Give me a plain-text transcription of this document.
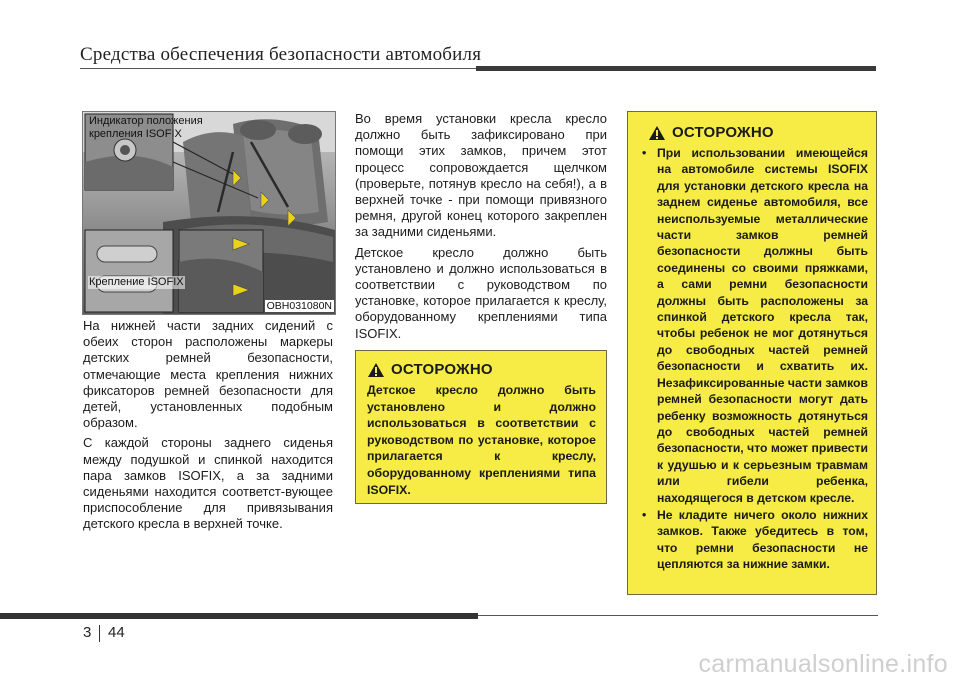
Средства обеспечения безопасности автомобиля
Индикатор положения крепления ISOFIX
Крепление ISOFIX
OBH031080N

На нижней части задних сидений с обеих сторон расположены маркеры детских ремней безопасности, отмечающие места крепления нижних фиксаторов ремней безопасности для детей, установленных подобным образом.

С каждой стороны заднего сиденья между подушкой и спинкой находится пара замков ISOFIX, а за задними сиденьями находится соответст-вующее приспособление для привязывания детского кресла в верхней точке.

Во время установки кресла кресло должно быть зафиксировано при помощи этих замков, причем этот процесс сопровождается щелчком (проверьте, потянув кресло на себя!), а в верхней точке - при помощи привязного ремня, другой конец которого закреплен за задними сиденьями.

Детское кресло должно быть установлено и должно использоваться в соответствии с руководством по установке, которое прилагается к креслу, оборудованному креплениями типа ISOFIX.

ОСТОРОЖНО
Детское кресло должно быть установлено и должно использоваться в соответствии с руководством по установке, которое прилагается к креслу, оборудованному креплениями типа ISOFIX.
ОСТОРОЖНО
• При использовании имеющейся на автомобиле системы ISOFIX для установки детского кресла на заднем сиденье автомобиля, все неиспользуемые металлические части замков ремней безопасности должны быть соединены со своими пряжками, а сами ремни безопасности должны быть расположены за спинкой детского кресла так, чтобы ребенок не мог дотянуться до свободных частей ремней безопасности и схватить их. Незафиксированные части замков ремней безопасности могут дать ребенку возможность дотянуться до свободных частей ремней безопасности, что может привести к удушью и к серьезным травмам или гибели ребенка, находящегося в детском кресле.
• Не кладите ничего около нижних замков. Также убедитесь в том, что ремни безопасности не цепляются за нижние замки.
3 44
carmanualsonline.info
